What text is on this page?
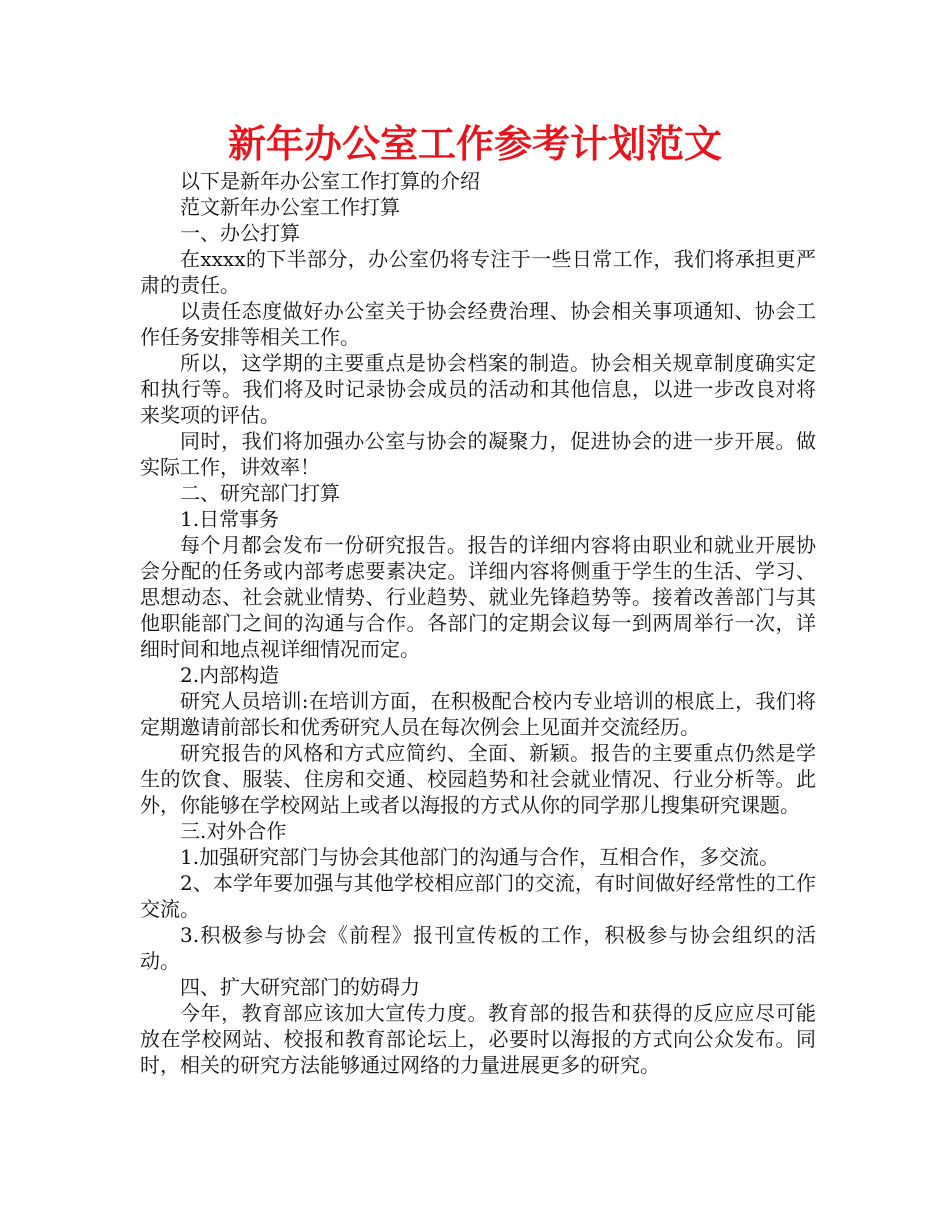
新年办公室工作参考计划范文

以下是新年办公室工作打算的介绍

范文新年办公室工作打算

一、办公打算

在xxxx的下半部分，办公室仍将专注于一些日常工作，我们将承担更严肃的责任。

以责任态度做好办公室关于协会经费治理、协会相关事项通知、协会工作任务安排等相关工作。

所以，这学期的主要重点是协会档案的制造。协会相关规章制度确实定和执行等。我们将及时记录协会成员的活动和其他信息，以进一步改良对将来奖项的评估。

同时，我们将加强办公室与协会的凝聚力，促进协会的进一步开展。做实际工作，讲效率！

二、研究部门打算

1.日常事务

每个月都会发布一份研究报告。报告的详细内容将由职业和就业开展协会分配的任务或内部考虑要素决定。详细内容将侧重于学生的生活、学习、思想动态、社会就业情势、行业趋势、就业先锋趋势等。接着改善部门与其他职能部门之间的沟通与合作。各部门的定期会议每一到两周举行一次，详细时间和地点视详细情况而定。

2.内部构造

研究人员培训:在培训方面，在积极配合校内专业培训的根底上，我们将定期邀请前部长和优秀研究人员在每次例会上见面并交流经历。

研究报告的风格和方式应简约、全面、新颖。报告的主要重点仍然是学生的饮食、服装、住房和交通、校园趋势和社会就业情况、行业分析等。此外，你能够在学校网站上或者以海报的方式从你的同学那儿搜集研究课题。

三.对外合作

1.加强研究部门与协会其他部门的沟通与合作，互相合作，多交流。

2、本学年要加强与其他学校相应部门的交流，有时间做好经常性的工作交流。

3.积极参与协会《前程》报刊宣传板的工作，积极参与协会组织的活动。

四、扩大研究部门的妨碍力

今年，教育部应该加大宣传力度。教育部的报告和获得的反应应尽可能放在学校网站、校报和教育部论坛上，必要时以海报的方式向公众发布。同时，相关的研究方法能够通过网络的力量进展更多的研究。
